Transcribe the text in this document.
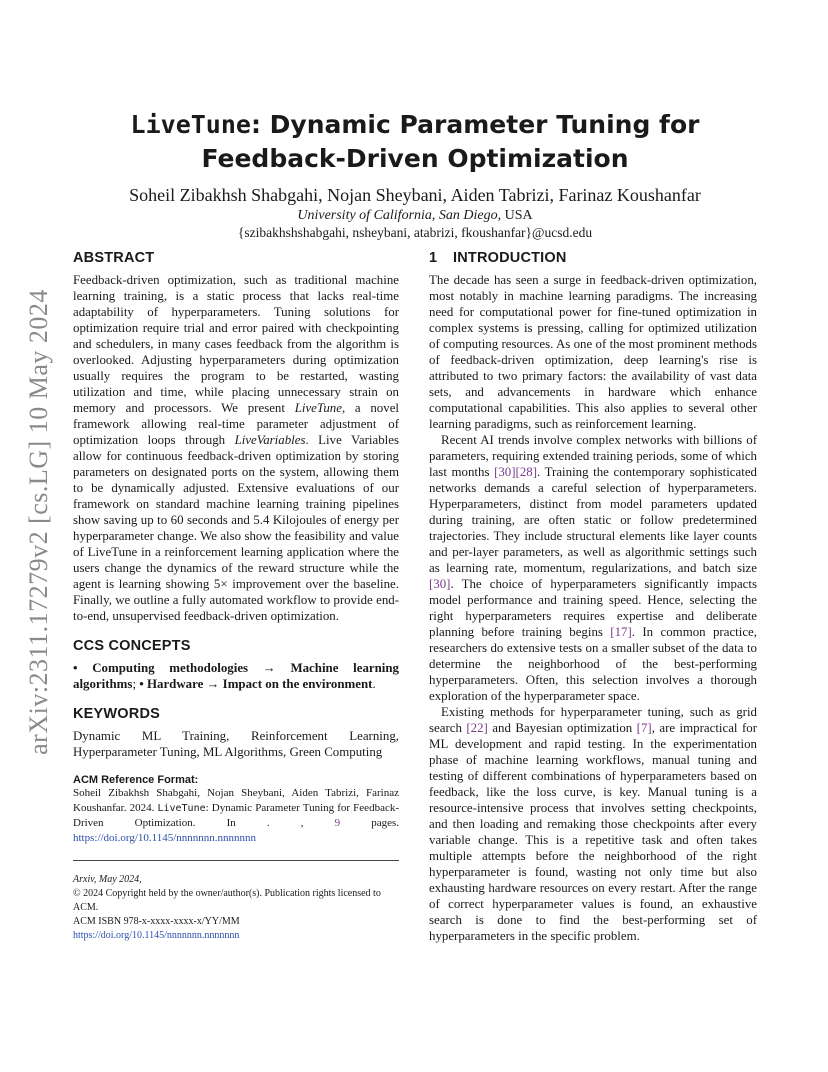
arXiv:2311.17279v2 [cs.LG] 10 May 2024
LiveTune: Dynamic Parameter Tuning for
Feedback-Driven Optimization
Soheil Zibakhsh Shabgahi, Nojan Sheybani, Aiden Tabrizi, Farinaz Koushanfar
University of California, San Diego, USA
{szibakhshshabgahi, nsheybani, atabrizi, fkoushanfar}@ucsd.edu
ABSTRACT

Feedback-driven optimization, such as traditional machine learning training, is a static process that lacks real-time adaptability of hyperparameters. Tuning solutions for optimization require trial and error paired with checkpointing and schedulers, in many cases feedback from the algorithm is overlooked. Adjusting hyperparameters during optimization usually requires the program to be restarted, wasting utilization and time, while placing unnecessary strain on memory and processors. We present LiveTune, a novel framework allowing real-time parameter adjustment of optimization loops through LiveVariables. Live Variables allow for continuous feedback-driven optimization by storing parameters on designated ports on the system, allowing them to be dynamically adjusted. Extensive evaluations of our framework on standard machine learning training pipelines show saving up to 60 seconds and 5.4 Kilojoules of energy per hyperparameter change. We also show the feasibility and value of LiveTune in a reinforcement learning application where the users change the dynamics of the reward structure while the agent is learning showing 5× improvement over the baseline. Finally, we outline a fully automated workflow to provide end-to-end, unsupervised feedback-driven optimization.

CCS CONCEPTS

• Computing methodologies → Machine learning algorithms; • Hardware → Impact on the environment.

KEYWORDS

Dynamic ML Training, Reinforcement Learning, Hyperparameter Tuning, ML Algorithms, Green Computing

ACM Reference Format:
Soheil Zibakhsh Shabgahi, Nojan Sheybani, Aiden Tabrizi, Farinaz Koushanfar. 2024. LiveTune: Dynamic Parameter Tuning for Feedback-Driven Optimization. In . , 9 pages. https://doi.org/10.1145/nnnnnnn.nnnnnnn
Arxiv, May 2024,
© 2024 Copyright held by the owner/author(s). Publication rights licensed to ACM.
ACM ISBN 978-x-xxxx-xxxx-x/YY/MM
https://doi.org/10.1145/nnnnnnn.nnnnnnn
1 INTRODUCTION

The decade has seen a surge in feedback-driven optimization, most notably in machine learning paradigms. The increasing need for computational power for fine-tuned optimization in complex systems is pressing, calling for optimized utilization of computing resources. As one of the most prominent methods of feedback-driven optimization, deep learning's rise is attributed to two primary factors: the availability of vast data sets, and advancements in hardware which enhance computational capabilities. This also applies to several other learning paradigms, such as reinforcement learning.

Recent AI trends involve complex networks with billions of parameters, requiring extended training periods, some of which last months [30][28]. Training the contemporary sophisticated networks demands a careful selection of hyperparameters. Hyperparameters, distinct from model parameters updated during training, are often static or follow predetermined trajectories. They include structural elements like layer counts and per-layer parameters, as well as algorithmic settings such as learning rate, momentum, regularizations, and batch size [30]. The choice of hyperparameters significantly impacts model performance and training speed. Hence, selecting the right hyperparameters requires expertise and deliberate planning before training begins [17]. In common practice, researchers do extensive tests on a smaller subset of the data to determine the neighborhood of the best-performing hyperparameters. Often, this selection involves a thorough exploration of the hyperparameter space.

Existing methods for hyperparameter tuning, such as grid search [22] and Bayesian optimization [7], are impractical for ML development and rapid testing. In the experimentation phase of machine learning workflows, manual tuning and testing of different combinations of hyperparameters based on feedback, like the loss curve, is key. Manual tuning is a resource-intensive process that involves setting checkpoints, and then loading and remaking those checkpoints after every variable change. This is a repetitive task and often takes multiple attempts before the neighborhood of the right hyperparameter is found, wasting not only time but also exhausting hardware resources on every restart. After the range of correct hyperparameter values is found, an exhaustive search is done to find the best-performing set of hyperparameters in the specific problem.
